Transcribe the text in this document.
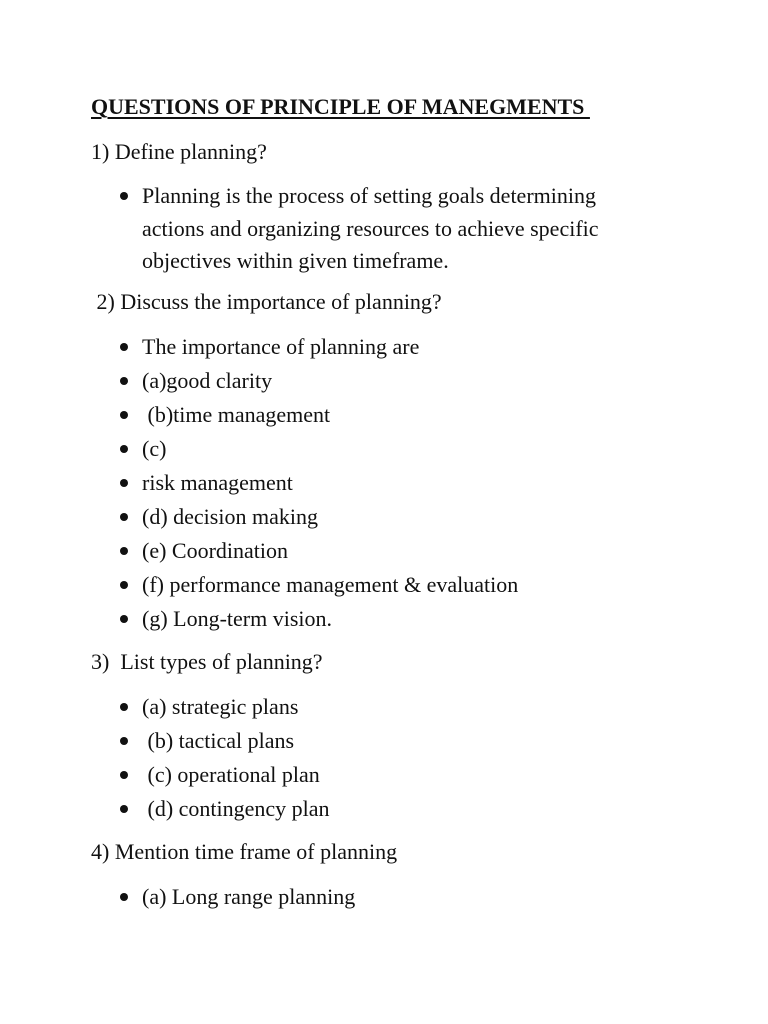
QUESTIONS OF PRINCIPLE OF MANEGMENTS
1) Define planning?
Planning is the process of setting goals determining
actions and organizing resources to achieve specific
objectives within given timeframe.
2) Discuss the importance of planning?
The importance of planning are
(a)good clarity
(b)time management
(c)
risk management
(d) decision making
(e) Coordination
(f) performance management & evaluation
(g) Long-term vision.
3)  List types of planning?
(a) strategic plans
(b) tactical plans
(c) operational plan
(d) contingency plan
4) Mention time frame of planning
(a) Long range planning
